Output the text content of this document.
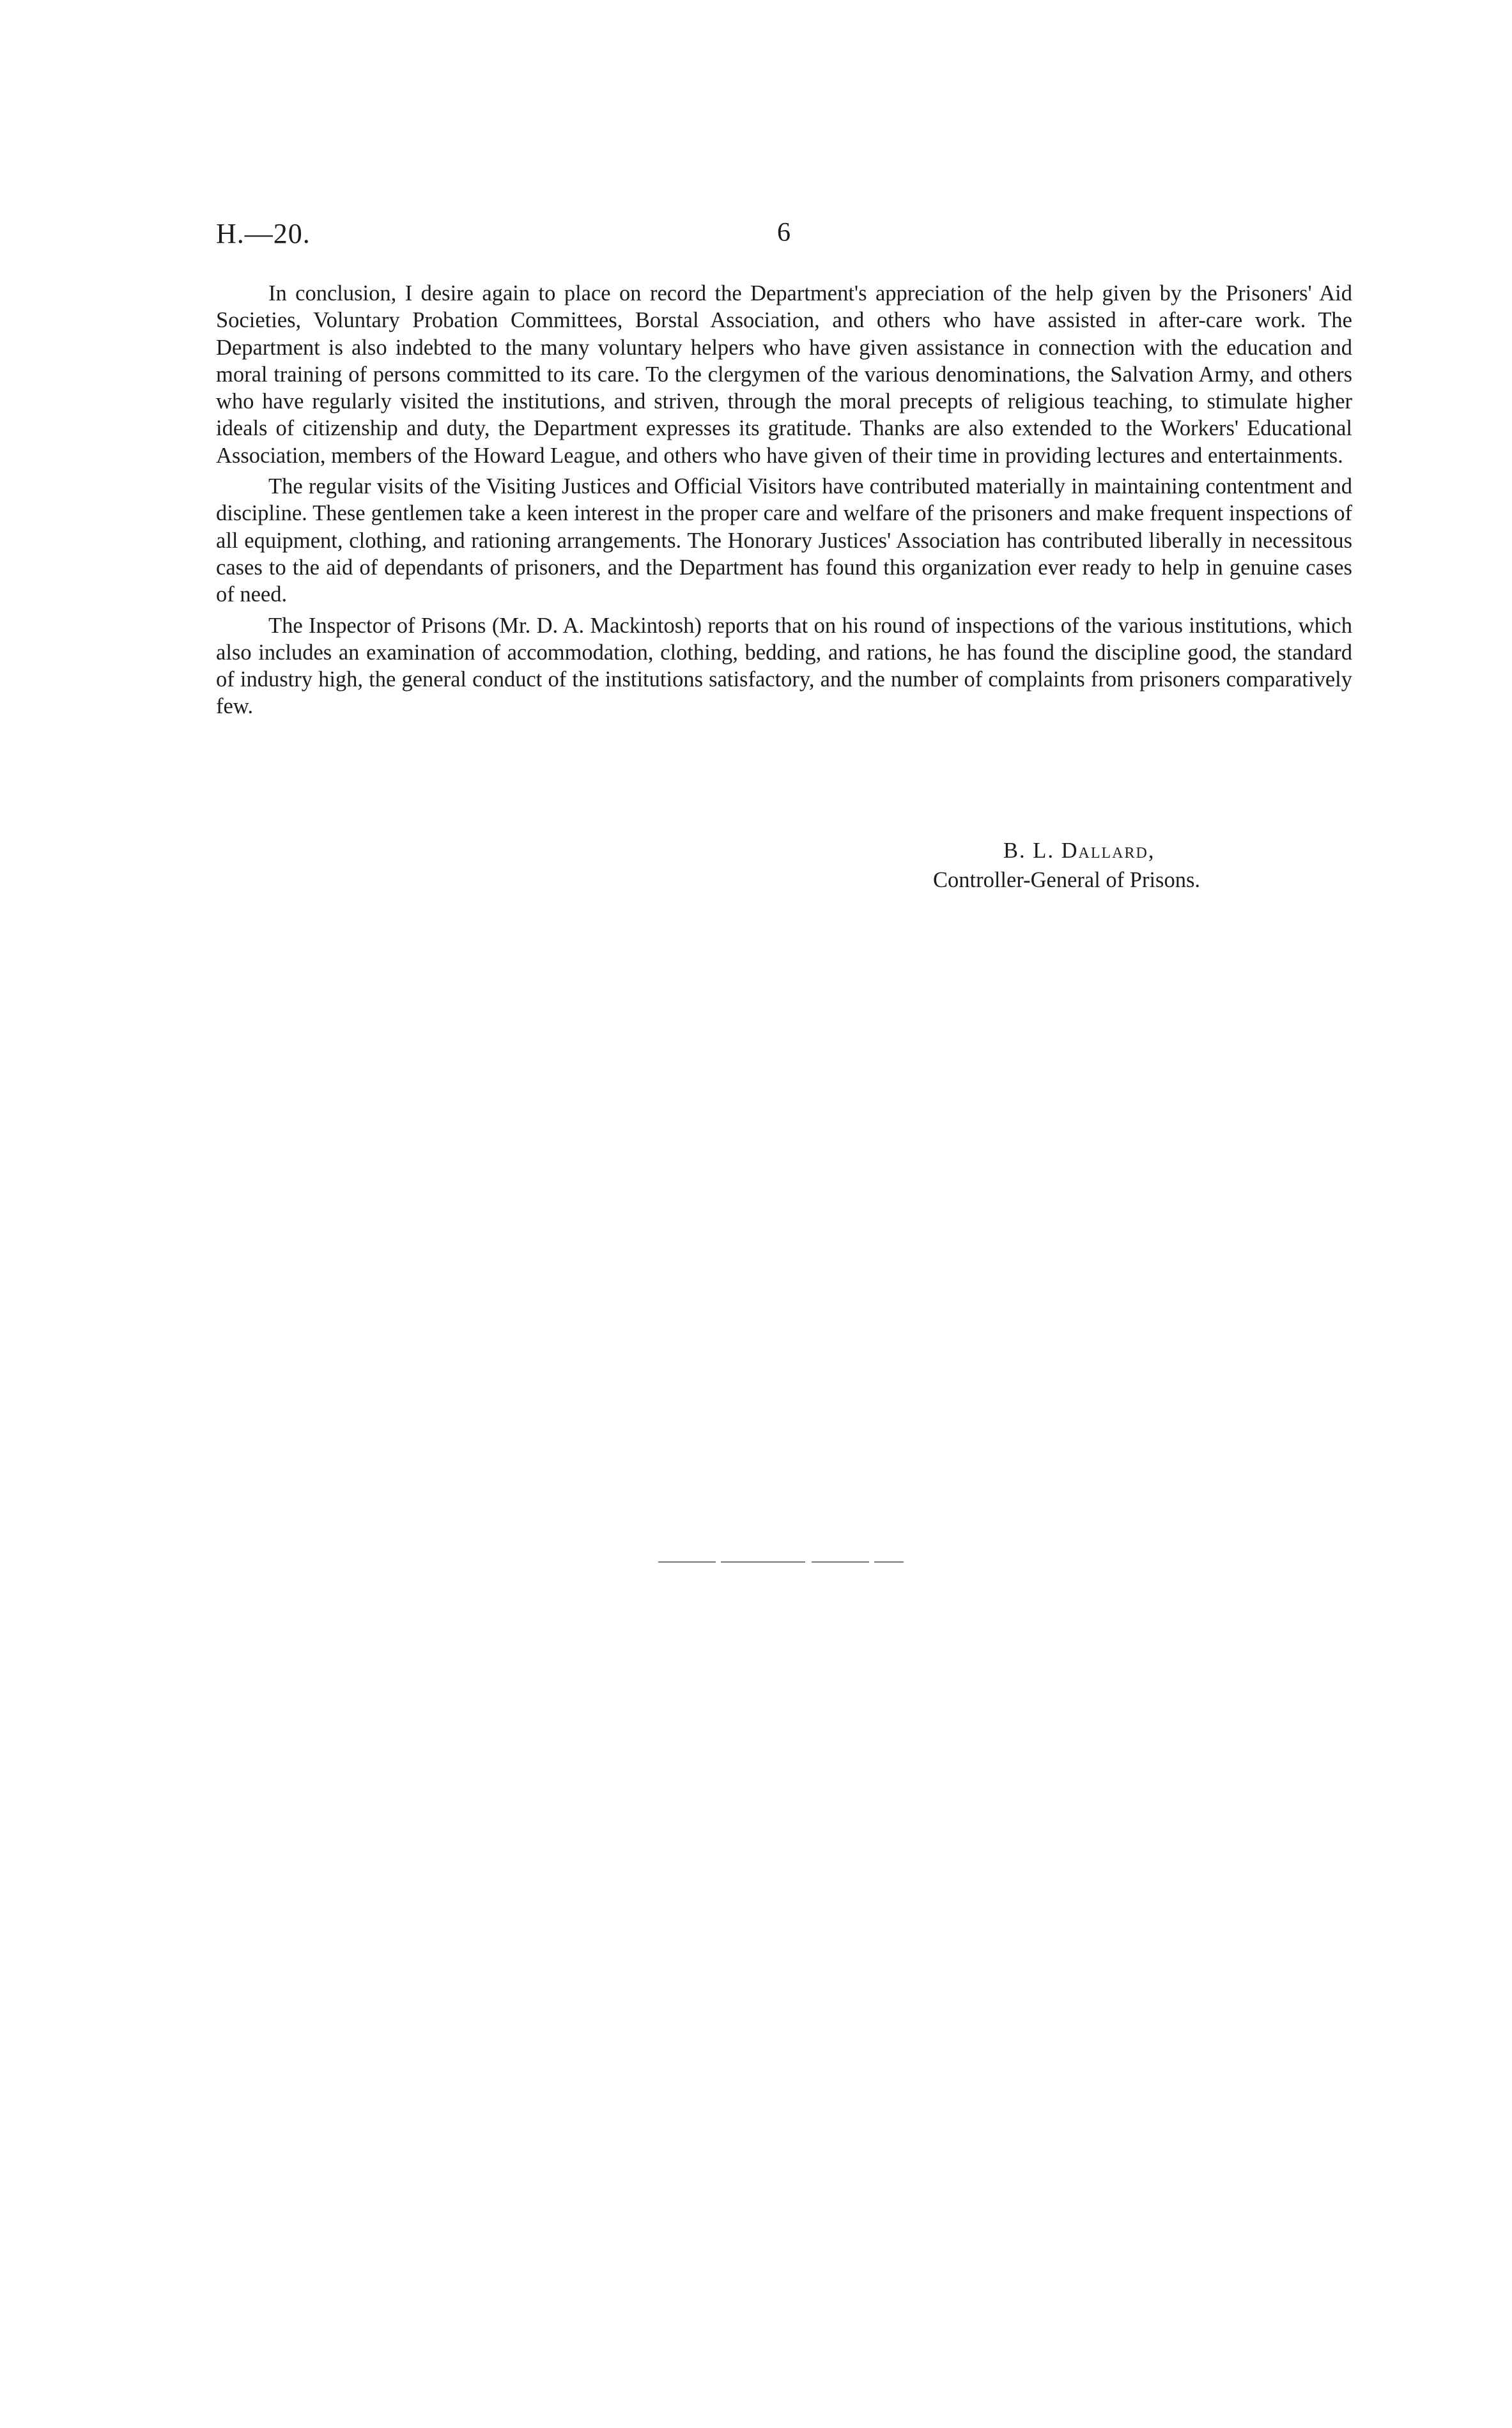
H.—20.	6

In conclusion, I desire again to place on record the Department's appreciation of the help given by the Prisoners' Aid Societies, Voluntary Probation Committees, Borstal Association, and others who have assisted in after-care work. The Department is also indebted to the many voluntary helpers who have given assistance in connection with the education and moral training of persons committed to its care. To the clergymen of the various denominations, the Salvation Army, and others who have regularly visited the institutions, and striven, through the moral precepts of religious teaching, to stimulate higher ideals of citizenship and duty, the Department expresses its gratitude. Thanks are also extended to the Workers' Educational Association, members of the Howard League, and others who have given of their time in providing lectures and entertainments.

The regular visits of the Visiting Justices and Official Visitors have contributed materially in maintaining contentment and discipline. These gentlemen take a keen interest in the proper care and welfare of the prisoners and make frequent inspections of all equipment, clothing, and rationing arrangements. The Honorary Justices' Association has contributed liberally in necessitous cases to the aid of dependants of prisoners, and the Department has found this organization ever ready to help in genuine cases of need.

The Inspector of Prisons (Mr. D. A. Mackintosh) reports that on his round of inspections of the various institutions, which also includes an examination of accommodation, clothing, bedding, and rations, he has found the discipline good, the standard of industry high, the general conduct of the institutions satisfactory, and the number of complaints from prisoners comparatively few.

B. L. Dallard,
Controller-General of Prisons.
